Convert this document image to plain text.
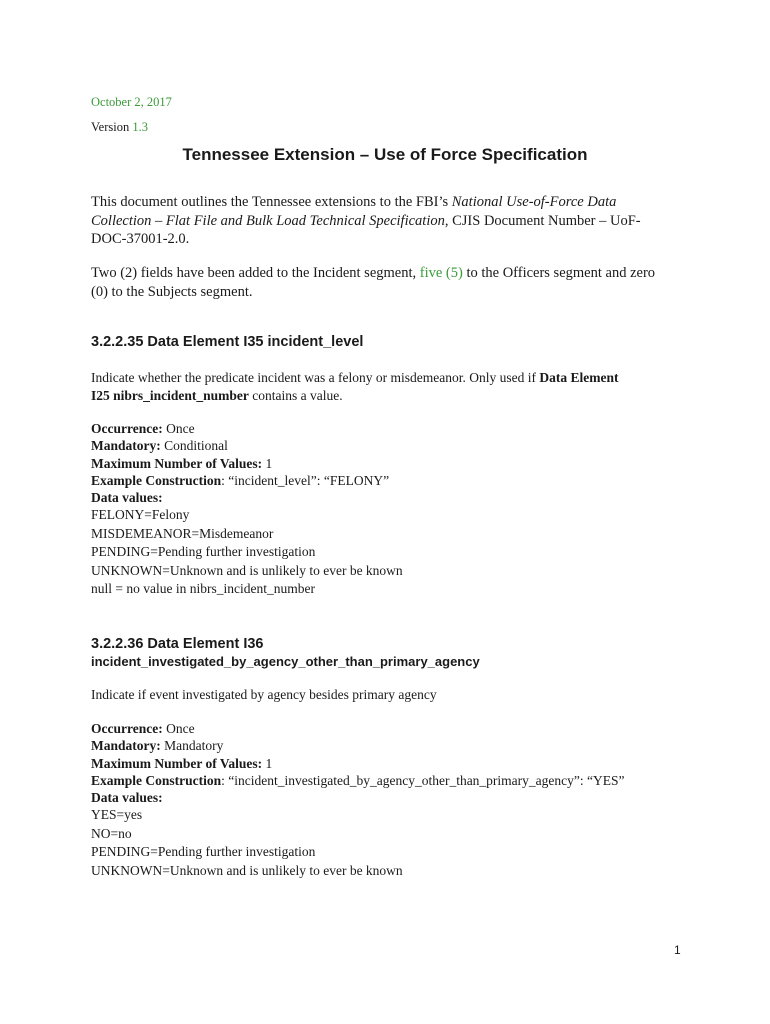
October 2, 2017
Version 1.3
Tennessee Extension – Use of Force Specification
This document outlines the Tennessee extensions to the FBI’s National Use-of-Force Data
Collection – Flat File and Bulk Load Technical Specification, CJIS Document Number – UoF-
DOC-37001-2.0.
Two (2) fields have been added to the Incident segment, five (5) to the Officers segment and zero
(0) to the Subjects segment.
3.2.2.35 Data Element I35 incident_level
Indicate whether the predicate incident was a felony or misdemeanor. Only used if Data Element
I25 nibrs_incident_number contains a value.
Occurrence: Once
Mandatory: Conditional
Maximum Number of Values: 1
Example Construction: “incident_level”: “FELONY”
Data values:
FELONY=Felony
MISDEMEANOR=Misdemeanor
PENDING=Pending further investigation
UNKNOWN=Unknown and is unlikely to ever be known
null = no value in nibrs_incident_number
3.2.2.36 Data Element I36
incident_investigated_by_agency_other_than_primary_agency
Indicate if event investigated by agency besides primary agency
Occurrence: Once
Mandatory: Mandatory
Maximum Number of Values: 1
Example Construction: “incident_investigated_by_agency_other_than_primary_agency”: “YES”
Data values:
YES=yes
NO=no
PENDING=Pending further investigation
UNKNOWN=Unknown and is unlikely to ever be known
1
